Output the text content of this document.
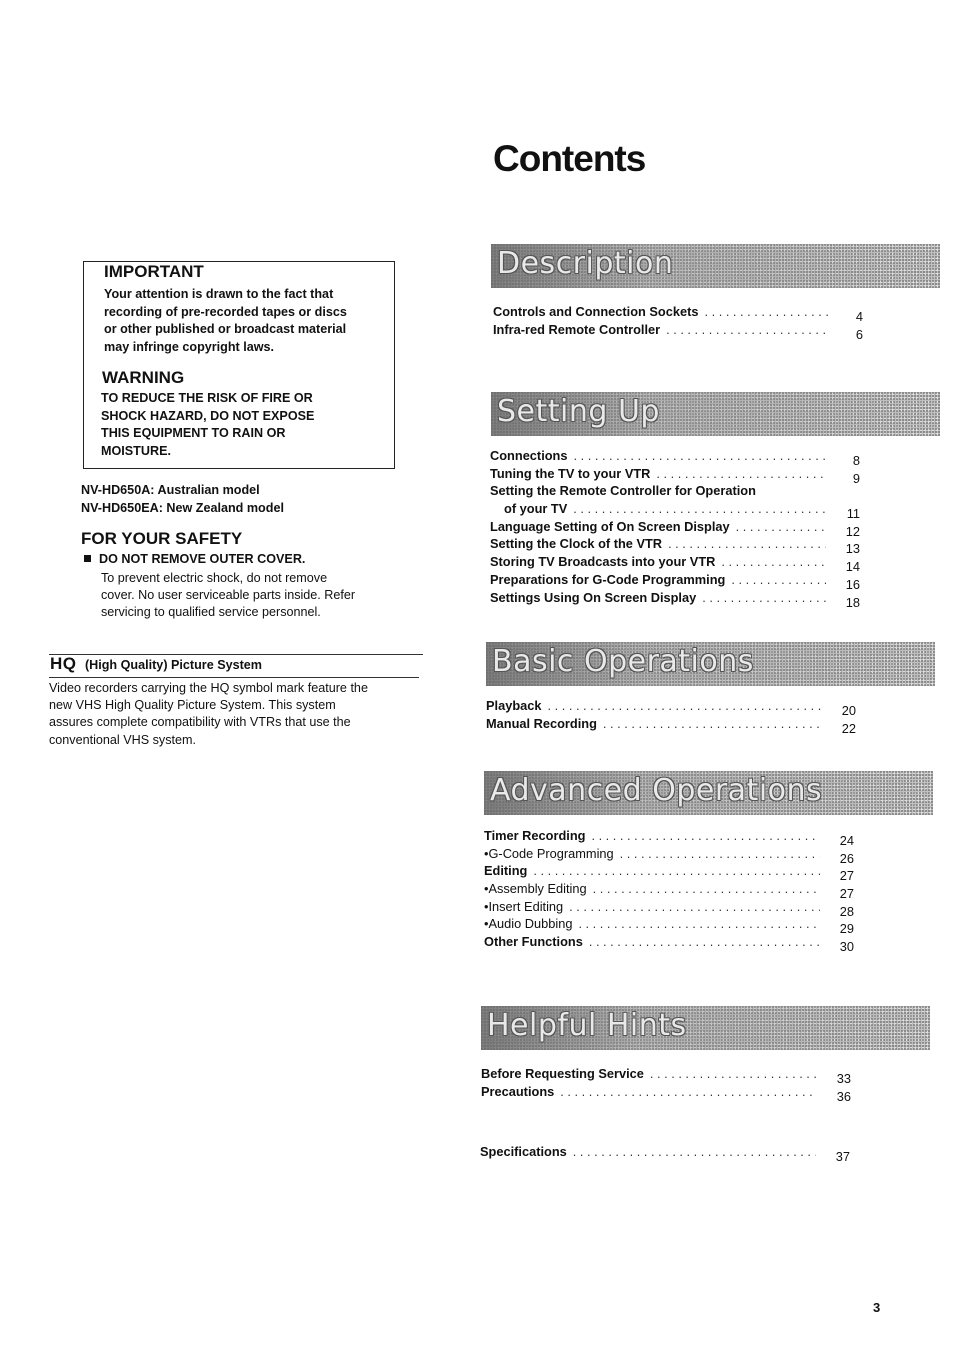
Contents
IMPORTANT
Your attention is drawn to the fact that
recording of pre-recorded tapes or discs
or other published or broadcast material
may infringe copyright laws.
WARNING
TO REDUCE THE RISK OF FIRE OR
SHOCK HAZARD, DO NOT EXPOSE
THIS EQUIPMENT TO RAIN OR
MOISTURE.
NV-HD650A: Australian model
NV-HD650EA: New Zealand model
FOR YOUR SAFETY
DO NOT REMOVE OUTER COVER.
To prevent electric shock, do not remove
cover. No user serviceable parts inside. Refer
servicing to qualified service personnel.
HQ (High Quality) Picture System
Video recorders carrying the HQ symbol mark feature the
new VHS High Quality Picture System. This system
assures complete compatibility with VTRs that use the
conventional VHS system.
Description
Controls and Connection Sockets . . .	4
Infra-red Remote Controller . . .	6
Setting Up
Connections . . .	8
Tuning the TV to your VTR . . .	9
Setting the Remote Controller for Operation
of your TV . . .	11
Language Setting of On Screen Display . . .	12
Setting the Clock of the VTR . . .	13
Storing TV Broadcasts into your VTR . . .	14
Preparations for G-Code Programming . . .	16
Settings Using On Screen Display . . .	18
Basic Operations
Playback . . .	20
Manual Recording . . .	22
Advanced Operations
Timer Recording . . .	24
•G-Code Programming . . .	26
Editing . . .	27
•Assembly Editing . . .	27
•Insert Editing . . .	28
•Audio Dubbing . . .	29
Other Functions . . .	30
Helpful Hints
Before Requesting Service . . .	33
Precautions . . .	36
Specifications . . .	37
3
